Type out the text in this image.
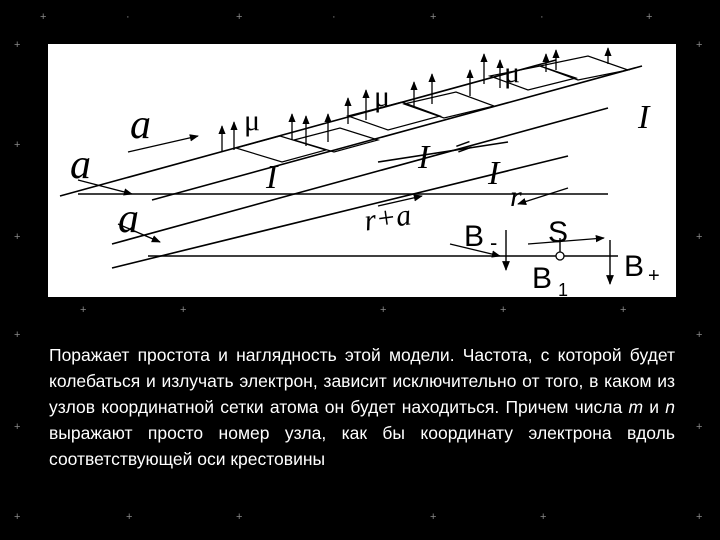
+	·	+	·	+	·	+
+	+
+
+	+
+	+
+	+	+	+	+
+	+
+	+	+	+	+	+
a
a
a
μ
μ
μ
I
I I
I
=
r+a
r
B - S
B 1
B +
Поражает простота и наглядность этой модели. Частота, с которой будет колебаться и излучать электрон, зависит исключительно от того, в каком из узлов координатной сетки атома он будет находиться. Причем числа m и n выражают просто номер узла, как бы координату электрона вдоль соответствующей оси крестовины
